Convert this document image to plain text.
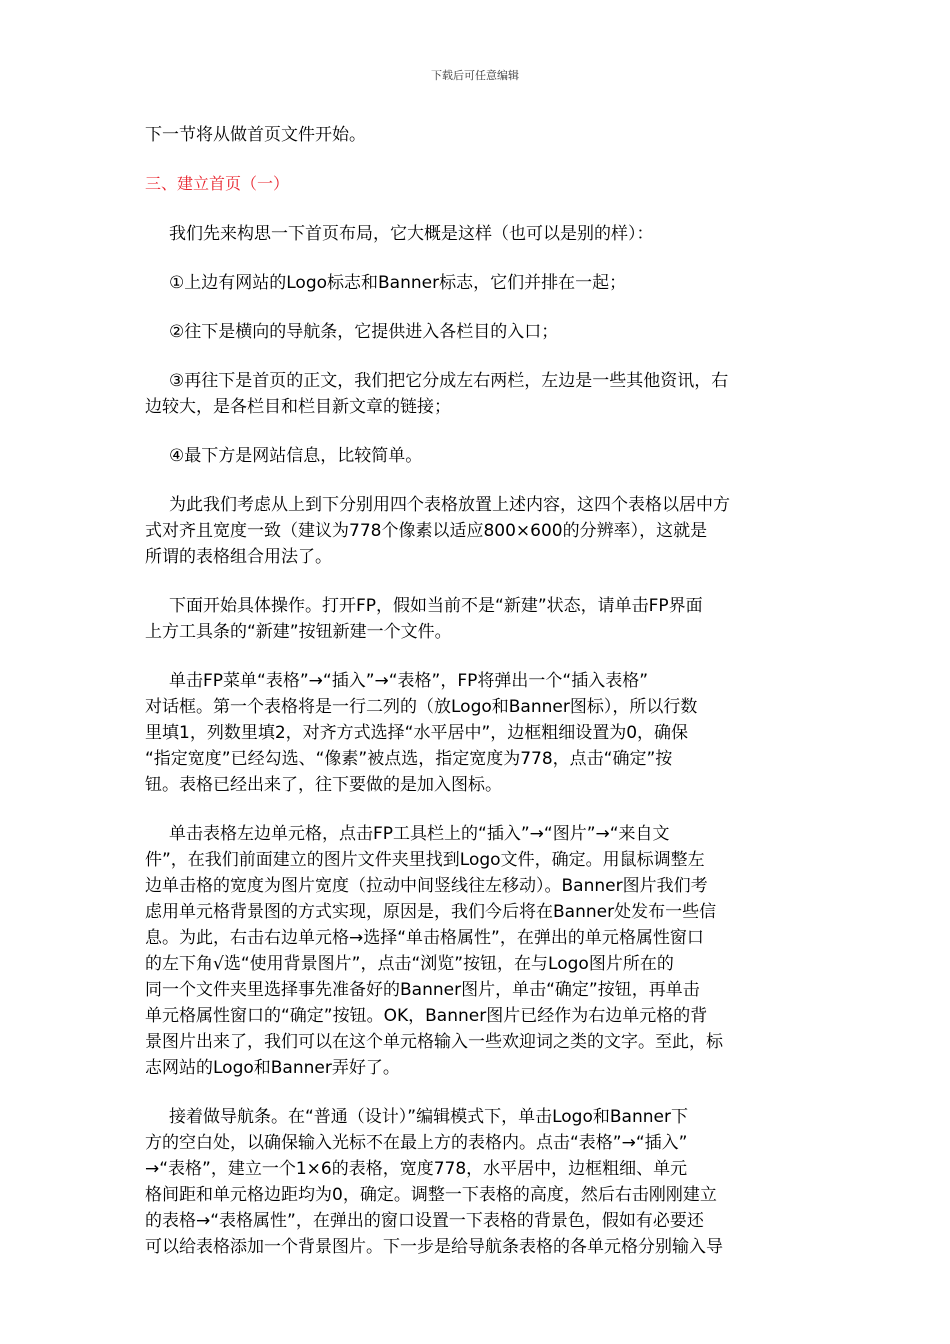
下载后可任意编辑

下一节将从做首页文件开始。

三、建立首页（一）

我们先来构思一下首页布局，它大概是这样（也可以是别的样）：

①上边有网站的Logo标志和Banner标志，它们并排在一起；

②往下是横向的导航条，它提供进入各栏目的入口；

③再往下是首页的正文，我们把它分成左右两栏，左边是一些其他资讯，右
边较大，是各栏目和栏目新文章的链接；

④最下方是网站信息，比较简单。

为此我们考虑从上到下分别用四个表格放置上述内容，这四个表格以居中方
式对齐且宽度一致（建议为778个像素以适应800×600的分辨率），这就是
所谓的表格组合用法了。

下面开始具体操作。打开FP，假如当前不是“新建”状态，请单击FP界面
上方工具条的“新建”按钮新建一个文件。

单击FP菜单“表格”→“插入”→“表格”，FP将弹出一个“插入表格”
对话框。第一个表格将是一行二列的（放Logo和Banner图标），所以行数
里填1，列数里填2，对齐方式选择“水平居中”，边框粗细设置为0，确保
“指定宽度”已经勾选、“像素”被点选，指定宽度为778，点击“确定”按
钮。表格已经出来了，往下要做的是加入图标。

单击表格左边单元格，点击FP工具栏上的“插入”→“图片”→“来自文
件”，在我们前面建立的图片文件夹里找到Logo文件，确定。用鼠标调整左
边单击格的宽度为图片宽度（拉动中间竖线往左移动）。Banner图片我们考
虑用单元格背景图的方式实现，原因是，我们今后将在Banner处发布一些信
息。为此，右击右边单元格→选择“单击格属性”，在弹出的单元格属性窗口
的左下角√选“使用背景图片”，点击“浏览”按钮，在与Logo图片所在的
同一个文件夹里选择事先准备好的Banner图片，单击“确定”按钮，再单击
单元格属性窗口的“确定”按钮。OK，Banner图片已经作为右边单元格的背
景图片出来了，我们可以在这个单元格输入一些欢迎词之类的文字。至此，标
志网站的Logo和Banner弄好了。

接着做导航条。在“普通（设计）”编辑模式下，单击Logo和Banner下
方的空白处，以确保输入光标不在最上方的表格内。点击“表格”→“插入”
→“表格”，建立一个1×6的表格，宽度778，水平居中，边框粗细、单元
格间距和单元格边距均为0，确定。调整一下表格的高度，然后右击刚刚建立
的表格→“表格属性”，在弹出的窗口设置一下表格的背景色，假如有必要还
可以给表格添加一个背景图片。下一步是给导航条表格的各单元格分别输入导
